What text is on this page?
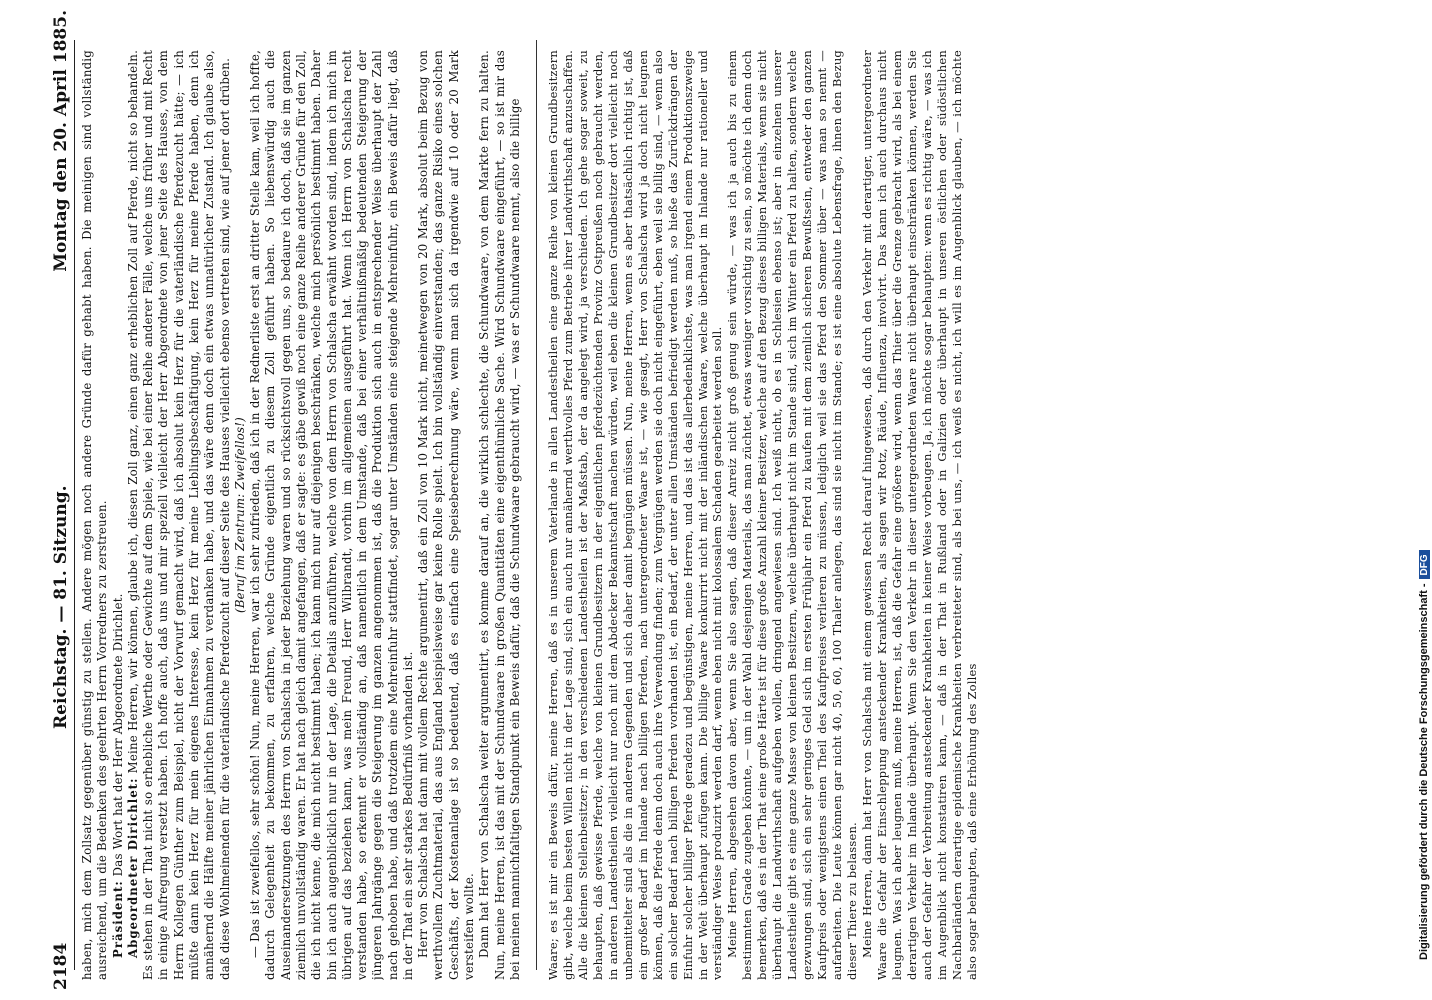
2184
Reichstag. — 81. Sitzung.
Montag den 20. April 1885. haben, mich dem Zollsatz gegenüber günstig zu stellen. Andere mögen noch andere Gründe dafür gehabt haben. Die meinigen sind vollständig ausreichend, um die Bedenken des geehrten Herrn Vorredners zu zerstreuen. Präsident: Das Wort hat der Herr Abgeordnete Dirichlet. Abgeordneter Dirichlet: Meine Herren, wir können, glaube ich, diesen Zoll ganz, einen ganz erheblichen Zoll auf Pferde, nicht so behandeln. Es stehen in der That nicht so erhebliche Werthe oder Gewichte auf dem Spiele, wie bei einer Reihe anderer Fälle, welche uns früher und mit Recht in einige Aufregung versetzt haben. Ich hoffe auch, daß uns und mir speziell vielleicht der Herr Abgeordnete von jener Seite des Hauses, von dem Herrn Kollegen Günther zum Beispiel, nicht der Vorwurf gemacht wird, daß ich absolut kein Herz für die vaterländische Pferdezucht hätte; — ich müßte dann kein Herz für mein eigenes Interesse, kein Herz für meine Lieblingsbeschäftigung, kein Herz für meine Pferde haben, denn ich annähernd die Hälfte meiner jährlichen Einnahmen zu verdanken habe, und das wäre denn doch ein etwas unnatürlicher Zustand. Ich glaube also, daß diese Wohlmeinenden für die vaterländische Pferdezucht auf dieser Seite des Hauses vielleicht ebenso vertreten sind, wie auf jener dort drüben. (Beruf im Zentrum: Zweifellos!) — Das ist zweifellos, sehr schön! Nun, meine Herren, war ich sehr zufrieden, daß ich in der Rednerliste erst an dritter Stelle kam, weil ich hoffte, dadurch Gelegenheit zu bekommen, zu erfahren, welche Gründe eigentlich zu diesem Zoll geführt haben. So liebenswürdig auch die Auseinandersetzungen des Herrn von Schalscha in jeder Beziehung waren und so rücksichtsvoll gegen uns, so bedaure ich doch, daß sie im ganzen ziemlich unvollständig waren. Er hat nach gleich damit angefangen, daß er sagte: es gäbe gewiß noch eine ganze Reihe anderer Gründe für den Zoll, die ich nicht kenne, die mich nicht bestimmt haben; ich kann mich nur auf diejenigen beschränken, welche mich persönlich bestimmt haben. Daher bin ich auch augenblicklich nur in der Lage, die Details anzuführen, welche von dem Herrn von Schalscha erwähnt worden sind, indem ich mich im übrigen auf das beziehen kann, was mein Freund, Herr Wilbrandt, vorhin im allgemeinen ausgeführt hat. Wenn ich Herrn von Schalscha recht verstanden habe, so erkennt er vollständig an, daß namentlich in dem Umstande, daß bei einer verhältnißmäßig bedeutenden Steigerung der jüngeren Jahrgänge gegen die Steigerung im ganzen angenommen ist, daß die Produktion sich auch in entsprechender Weise überhaupt der Zahl nach gehoben habe, und daß trotzdem eine Mehreinfuhr stattfindet, sogar unter Umständen eine steigende Mehreinfuhr, ein Beweis dafür liegt, daß in der That ein sehr starkes Bedürfniß vorhanden ist. Herr von Schalscha hat dann mit vollem Rechte argumentirt, daß ein Zoll von 10 Mark nicht, meinetwegen von 20 Mark, absolut beim Bezug von werthvollem Zuchtmaterial, das aus England beispielsweise gar keine Rolle spielt. Ich bin vollständig einverstanden; das ganze Risiko eines solchen Geschäfts, der Kostenanlage ist so bedeutend, daß es einfach eine Speiseberechnung wäre, wenn man sich da irgendwie auf 10 oder 20 Mark versteifen wollte. Dann hat Herr von Schalscha weiter argumentirt, es komme darauf an, die wirklich schlechte, die Schundwaare, von dem Markte fern zu halten. Nun, meine Herren, ist das mit der Schundwaare in großen Quantitäten eine eigenthümliche Sache. Wird Schundwaare eingeführt, — so ist mir das bei meinen mannichfaltigen Standpunkt ein Beweis dafür, daß die Schundwaare gebraucht wird, — was er Schundwaare nennt, also die billige Waare; es ist mir ein Beweis dafür, meine Herren, daß es in unserem Vaterlande in allen Landestheilen eine ganze Reihe von kleinen Grundbesitzern gibt, welche beim besten Willen nicht in der Lage sind, sich ein auch nur annähernd werthvolles Pferd zum Betriebe ihrer Landwirthschaft anzuschaffen. Alle die kleinen Stellenbesitzer; in den verschiedenen Landestheilen ist der Maßstab, der da angelegt wird, ja verschieden. Ich gehe sogar soweit, zu behaupten, daß gewisse Pferde, welche von kleinen Grundbesitzern in der eigentlichen pferdezüchtenden Provinz Ostpreußen noch gebraucht werden, in anderen Landestheilen vielleicht nur noch mit dem Abdecker Bekanntschaft machen würden, weil eben die kleinen Grundbesitzer dort vielleicht noch unbemittelter sind als die in anderen Gegenden und sich daher damit begnügen müssen. Nun, meine Herren, wenn es aber thatsächlich richtig ist, daß ein großer Bedarf im Inlande nach billigen Pferden, nach untergeordneter Waare ist, — wie gesagt, Herr von Schalscha wird ja doch nicht leugnen können, daß die Pferde denn doch auch ihre Verwendung finden; zum Vergnügen werden sie doch nicht eingeführt, eben weil sie billig sind, — wenn also ein solcher Bedarf nach billigen Pferden vorhanden ist, ein Bedarf, der unter allen Umständen befriedigt werden muß, so hieße das Zurückdrängen der Einfuhr solcher billiger Pferde geradezu und begünstigen, meine Herren, und das ist das allerbedenklichste, was man irgend einem Produktionszweige in der Welt überhaupt zufügen kann. Die billige Waare konkurrirt nicht mit der inländischen Waare, welche überhaupt im Inlande nur rationeller und verständiger Weise produzirt werden darf, wenn eben nicht mit kolossalem Schaden gearbeitet werden soll. Meine Herren, abgesehen davon aber, wenn Sie also sagen, daß dieser Anreiz nicht groß genug sein würde, — was ich ja auch bis zu einem bestimmten Grade zugeben könnte, — um in der Wahl desjenigen Materials, das man züchtet, etwas weniger vorsichtig zu sein, so möchte ich denn doch bemerken, daß es in der That eine große Härte ist für diese große Anzahl kleiner Besitzer, welche auf den Bezug dieses billigen Materials, wenn sie nicht überhaupt die Landwirthschaft aufgeben wollen, dringend angewiesen sind. Ich weiß nicht, ob es in Schlesien ebenso ist; aber in einzelnen unserer Landestheile gibt es eine ganze Masse von kleinen Besitzern, welche überhaupt nicht im Stande sind, sich im Winter ein Pferd zu halten, sondern welche gezwungen sind, sich ein sehr geringes Geld sich im ersten Frühjahr ein Pferd zu kaufen mit dem ziemlich sicheren Bewußtsein, entweder den ganzen Kaufpreis oder wenigstens einen Theil des Kaufpreises verlieren zu müssen, lediglich weil sie das Pferd den Sommer über — was man so nennt — aufarbeiten. Die Leute können gar nicht 40, 50, 60, 100 Thaler anlegen, das sind sie nicht im Stande; es ist eine absolute Lebensfrage, ihnen den Bezug dieser Thiere zu belassen. Meine Herren, dann hat Herr von Schalscha mit einem gewissen Recht darauf hingewiesen, daß durch den Verkehr mit derartiger, untergeordneter Waare die Gefahr der Einschleppung ansteckender Krankheiten, als sagen wir Rotz, Räude, Influenza, involvirt. Das kann ich auch durchaus nicht leugnen. Was ich aber leugnen muß, meine Herren, ist, daß die Gefahr eine größere wird, wenn das Thier über die Grenze gebracht wird, als bei einem derartigen Verkehr im Inlande überhaupt. Wenn Sie den Verkehr in dieser untergeordneten Waare nicht überhaupt einschränken können, werden Sie auch der Gefahr der Verbreitung ansteckender Krankheiten in keiner Weise vorbeugen. Ja, ich möchte sogar behaupten: wenn es richtig wäre, — was ich im Augenblick nicht konstatiren kann, — daß in der That in Rußland oder in Galizien oder überhaupt in unseren östlichen oder südöstlichen Nachbarländern derartige epidemische Krankheiten verbreiteter sind, als bei uns, — ich weiß es nicht, ich will es im Augenblick glauben, — ich möchte also sogar behaupten, daß eine Erhöhung des Zolles	Digitalisierung gefördert durch die Deutsche Forschungsgemeinschaft -DFG
